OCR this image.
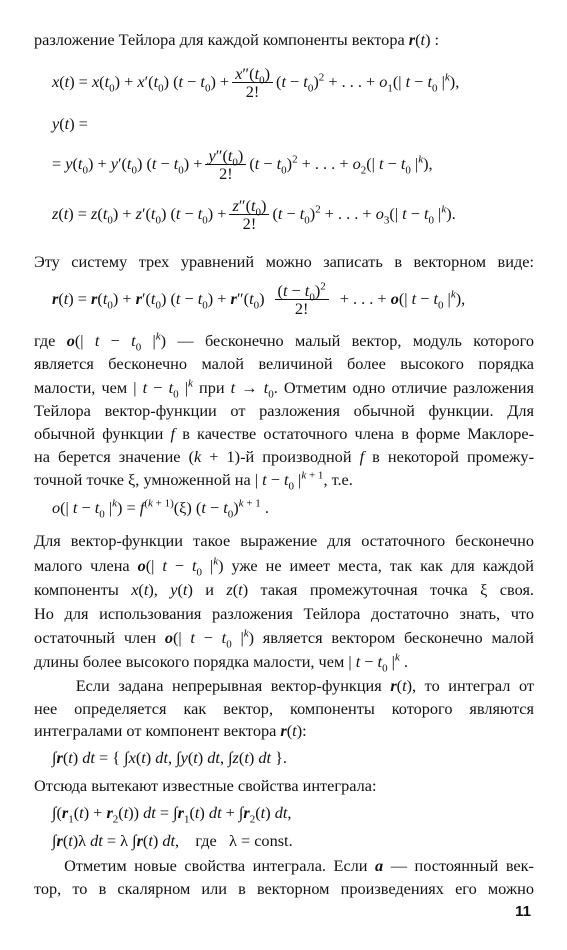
разложение Тейлора для каждой компоненты вектора r(t) :
$x(t) = x(t_0) + x'(t_0) (t - t_0) + \frac{x''(t_0)}{2!} (t - t_0)^2$ + . . . + $o_1(|$ $t - t_0$ $|^k$),
y(t) =
= $y(t_0) + y'(t_0) (t - t_0) + \frac{y''(t_0)}{2!} (t - t_0)^2$ + . . . + $o_2(|$ $t - t_0$ $|^k$),
$z(t) = z(t_0) + z'(t_0) (t - t_0) + \frac{z''(t_0)}{2!} (t - t_0)^2$ + . . . + $o_3(|$ $t - t_0$ $|^k$).
Эту систему трех уравнений можно записать в векторном виде:
$r(t) = r(t_0) + r'(t_0) (t - t_0) + r''(t_0) \frac{(t - t_0)^2}{2!}$ + . . . + o(| $t - t_0$ $|^k$),
где o(| $t - t_0$ $|^k$) — бесконечно малый вектор, модуль которого
является бесконечно малой величиной более высокого порядка
малости, чем | $t - t_0$ $|^k$ при $t \to t_0$. Отметим одно отличие разложения
Тейлора вектор-функции от разложения обычной функции. Для
обычной функции f в качестве остаточного члена в форме Маклоре-
на берется значение (k + 1)-й производной f в некоторой промежу-
точной точке ξ, умноженной на | $t - t_0$ $|^{k + 1}$, т.е.
o(| $t - t_0$ $|^k) = f^{(k + 1)}(\xi)$ $(t - t_0)^{k + 1}$ .
Для вектор-функции такое выражение для остаточного бесконечно
малого члена o(| $t - t_0$ $|^k$) уже не имеет места, так как для каждой
компоненты x(t), y(t) и z(t) такая промежуточная точка ξ своя.
Но для использования разложения Тейлора достаточно знать, что
остаточный член o(| $t - t_0$ $|^k$) является вектором бесконечно малой
длины более высокого порядка малости, чем | $t - t_0$ $|^k$ .
Если задана непрерывная вектор-функция r(t), то интеграл от
нее определяется как вектор, компоненты которого являются
интегралами от компонент вектора r(t):
∫r(t) dt = { ∫x(t) dt, ∫y(t) dt, ∫z(t) dt }.
Отсюда вытекают известные свойства интеграла:
$\int(r_1(t) + r_2(t))$ dt = $\int r_1(t)$ dt + $\int r_2(t)$ dt,
∫r(t)λ dt = λ ∫r(t) dt,    где   λ = const.
Отметим новые свойства интеграла. Если a — постоянный век-
тор, то в скалярном или в векторном произведениях его можно
11
